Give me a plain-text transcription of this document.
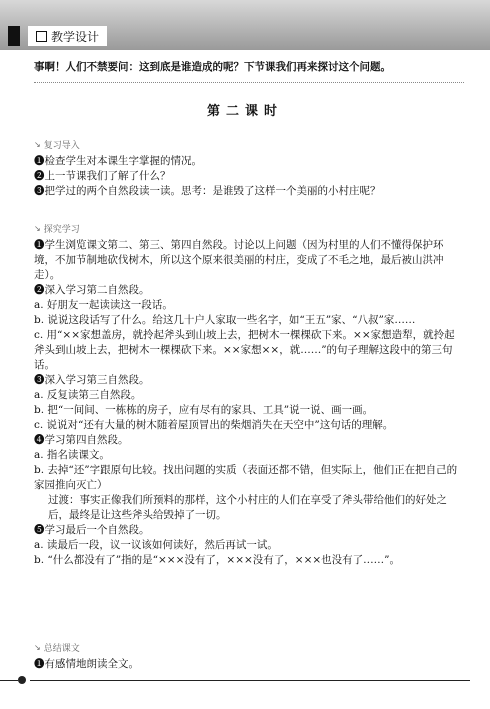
教学设计

事啊！人们不禁要问：这到底是谁造成的呢？下节课我们再来探讨这个问题。

第二课时
↘ 复习导入

❶检查学生对本课生字掌握的情况。

❷上一节课我们了解了什么？

❸把学过的两个自然段读一读。思考：是谁毁了这样一个美丽的小村庄呢？

↘ 探究学习

❶学生浏览课文第二、第三、第四自然段。讨论以上问题（因为村里的人们不懂得保护环境，不加节制地砍伐树木，所以这个原来很美丽的村庄，变成了不毛之地，最后被山洪冲走）。

❷深入学习第二自然段。

a. 好朋友一起读读这一段话。

b. 说说这段话写了什么。给这几十户人家取一些名字，如“王五”家、“八叔”家……

c. 用“××家想盖房，就拎起斧头到山坡上去，把树木一棵棵砍下来。××家想造犁，就拎起斧头到山坡上去，把树木一棵棵砍下来。××家想××，就……”的句子理解这段中的第三句话。

❸深入学习第三自然段。

a. 反复读第三自然段。

b. 把“一间间、一栋栋的房子，应有尽有的家具、工具”说一说、画一画。

c. 说说对“还有大量的树木随着屋顶冒出的柴烟消失在天空中”这句话的理解。

❹学习第四自然段。

a. 指名读课文。

b. 去掉“还”字跟原句比较。找出问题的实质（表面还都不错，但实际上，他们正在把自己的家园推向灭亡）

过渡：事实正像我们所预料的那样，这个小村庄的人们在享受了斧头带给他们的好处之后，最终是让这些斧头给毁掉了一切。

❺学习最后一个自然段。

a. 读最后一段，议一议该如何读好，然后再试一试。

b. “什么都没有了”指的是“×××没有了，×××没有了，×××也没有了……”。

↘ 总结课文

❶有感情地朗读全文。
